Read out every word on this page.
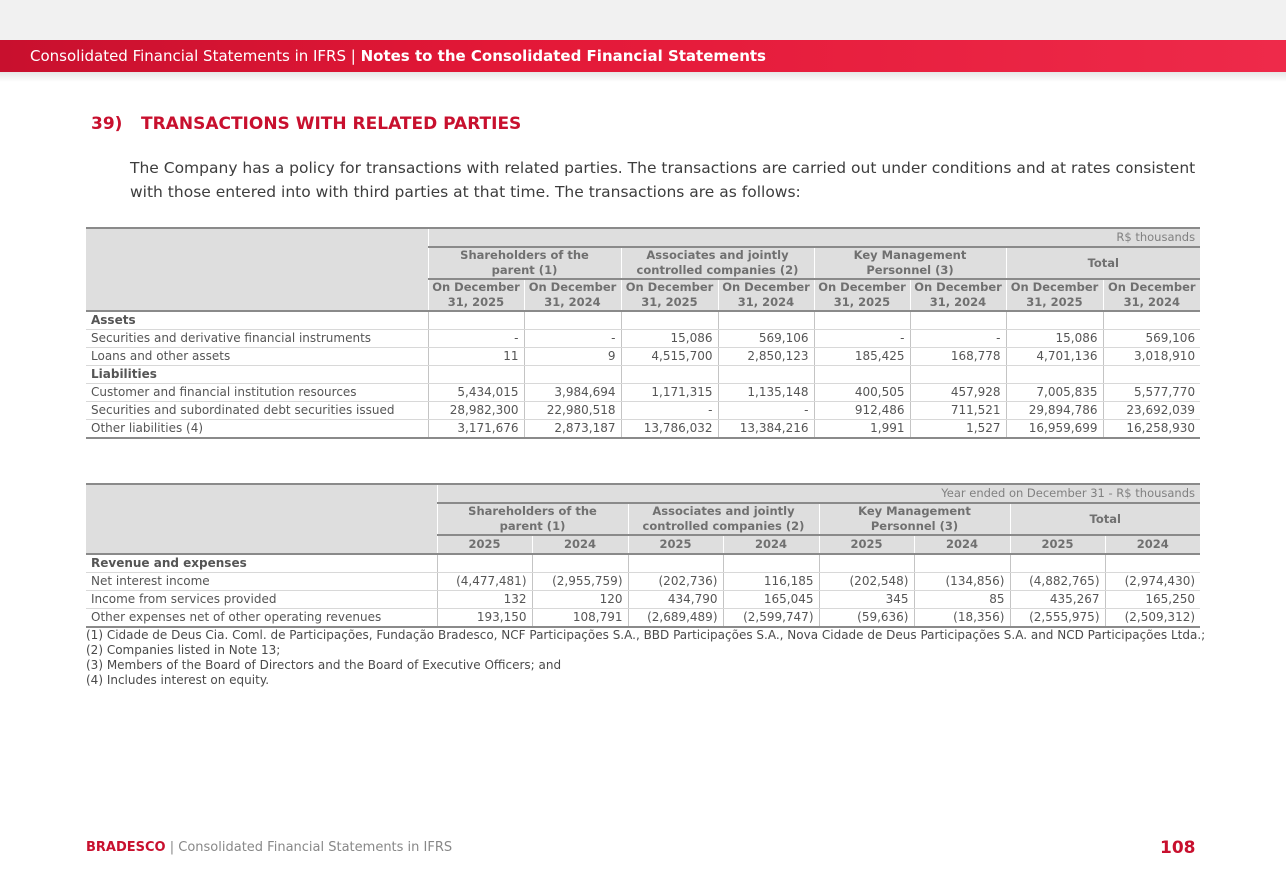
Consolidated Financial Statements in IFRS | Notes to the Consolidated Financial Statements
39) TRANSACTIONS WITH RELATED PARTIES
The Company has a policy for transactions with related parties. The transactions are carried out under conditions and at rates consistent with those entered into with third parties at that time. The transactions are as follows:
	R$ thousands							
	Shareholders of the parent (1)		Associates and jointly controlled companies (2)		Key Management Personnel (3)		Total	
	On December 31, 2025	On December 31, 2024	On December 31, 2025	On December 31, 2024	On December 31, 2025	On December 31, 2024	On December 31, 2025	On December 31, 2024
Assets								
Securities and derivative financial instruments	-	-	15,086	569,106	-	-	15,086	569,106
Loans and other assets	11	9	4,515,700	2,850,123	185,425	168,778	4,701,136	3,018,910
Liabilities								
Customer and financial institution resources	5,434,015	3,984,694	1,171,315	1,135,148	400,505	457,928	7,005,835	5,577,770
Securities and subordinated debt securities issued	28,982,300	22,980,518	-	-	912,486	711,521	29,894,786	23,692,039
Other liabilities (4)	3,171,676	2,873,187	13,786,032	13,384,216	1,991	1,527	16,959,699	16,258,930
	Year ended on December 31 - R$ thousands							
	Shareholders of the parent (1)		Associates and jointly controlled companies (2)		Key Management Personnel (3)		Total	
	2025	2024	2025	2024	2025	2024	2025	2024
Revenue and expenses								
Net interest income	(4,477,481)	(2,955,759)	(202,736)	116,185	(202,548)	(134,856)	(4,882,765)	(2,974,430)
Income from services provided	132	120	434,790	165,045	345	85	435,267	165,250
Other expenses net of other operating revenues	193,150	108,791	(2,689,489)	(2,599,747)	(59,636)	(18,356)	(2,555,975)	(2,509,312)
(1) Cidade de Deus Cia. Coml. de Participações, Fundação Bradesco, NCF Participações S.A., BBD Participações S.A., Nova Cidade de Deus Participações S.A. and NCD Participações Ltda.;
(2) Companies listed in Note 13;
(3) Members of the Board of Directors and the Board of Executive Officers; and
(4) Includes interest on equity.
BRADESCO | Consolidated Financial Statements in IFRS	108
